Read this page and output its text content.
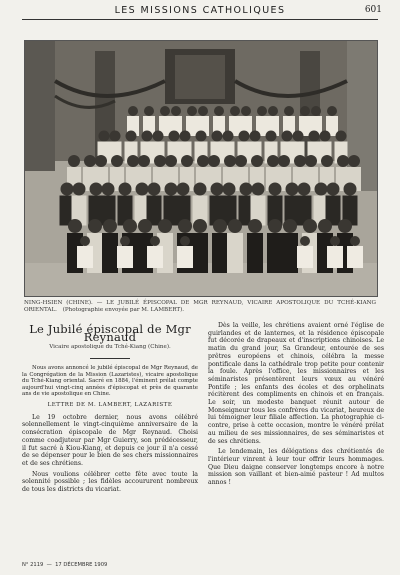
LES MISSIONS CATHOLIQUES	601
NING-HSIEN (CHINE). — LE JUBILÉ ÉPISCOPAL DE MGR REYNAUD, VICAIRE APOSTOLIQUE DU TCHÉ-KIANG ORIENTAL. (Photographie envoyée par M. LAMBERT).
Le Jubilé épiscopal de Mgr Reynaud
Vicaire apostolique du Tché-Kiang (Chine).

Nous avons annoncé le jubilé épiscopal de Mgr Reynaud, de la Congrégation de la Mission (Lazaristes), vicaire apostolique du Tché-Kiang oriental. Sacré en 1884, l'éminent prélat compte aujourd'hui vingt-cinq années d'épiscopat et près de quarante ans de vie apostolique en Chine.

LETTRE DE M. LAMBERT, LAZARISTE

Le 19 octobre dernier, nous avons célébré solennellement le vingt-cinquième anniversaire de la consécration épiscopale de Mgr Reynaud. Choisi comme coadjuteur par Mgr Guierry, son prédécesseur, il fut sacré à Kiou-Kiang, et depuis ce jour il n'a cessé de se dépenser pour le bien de ses chers missionnaires et de ses chrétiens.

Nous voulions célébrer cette fête avec toute la solennité possible ; les fidèles accoururent nombreux de tous les districts du vicariat.

Dès la veille, les chrétiens avaient orné l'église de guirlandes et de lanternes, et la résidence épiscopale fut décorée de drapeaux et d'inscriptions chinoises. Le matin du grand jour, Sa Grandeur, entourée de ses prêtres européens et chinois, célébra la messe pontificale dans la cathédrale trop petite pour contenir la foule. Après l'office, les missionnaires et les séminaristes présentèrent leurs vœux au vénéré Pontife ; les enfants des écoles et des orphelinats récitèrent des compliments en chinois et en français. Le soir, un modeste banquet réunit autour de Monseigneur tous les confrères du vicariat, heureux de lui témoigner leur filiale affection. La photographie ci-contre, prise à cette occasion, montre le vénéré prélat au milieu de ses missionnaires, de ses séminaristes et de ses chrétiens.

Le lendemain, les délégations des chrétientés de l'intérieur vinrent à leur tour offrir leurs hommages. Que Dieu daigne conserver longtemps encore à notre mission son vaillant et bien-aimé pasteur ! Ad multos annos !

N° 2119  —  17 DÉCEMBRE 1909
